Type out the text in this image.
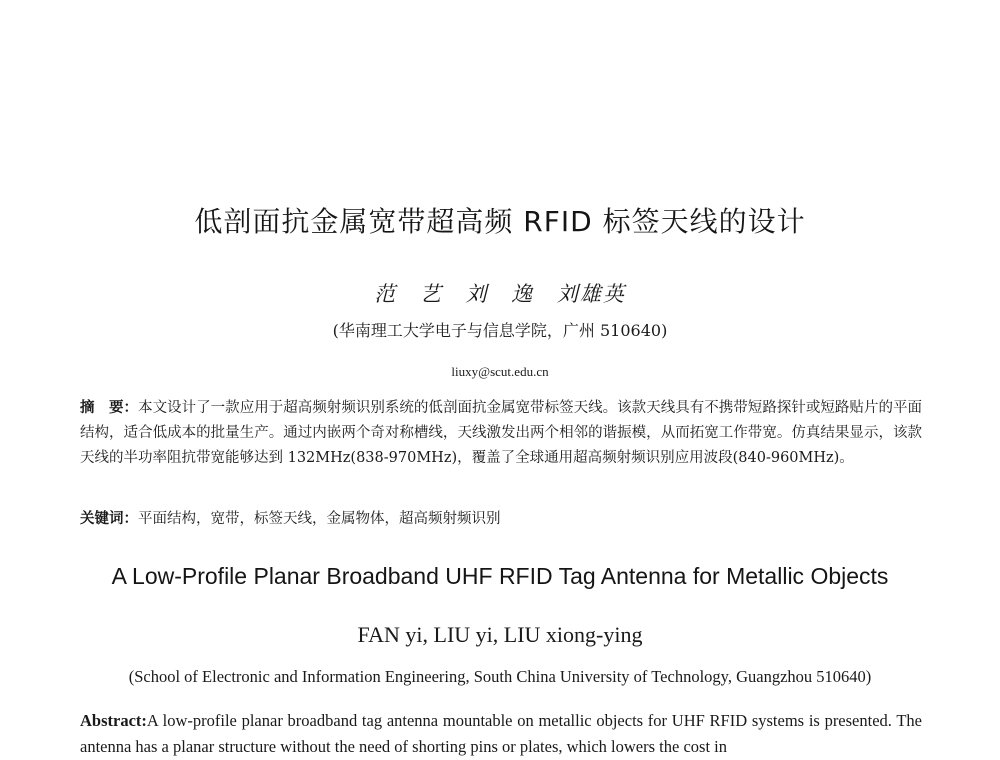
低剖面抗金属宽带超高频 RFID 标签天线的设计
范 艺 刘 逸 刘雄英
(华南理工大学电子与信息学院，广州 510640)
liuxy@scut.edu.cn
摘　要：本文设计了一款应用于超高频射频识别系统的低剖面抗金属宽带标签天线。该款天线具有不携带短路探针或短路贴片的平面结构，适合低成本的批量生产。通过内嵌两个奇对称槽线，天线激发出两个相邻的谐振模，从而拓宽工作带宽。仿真结果显示，该款天线的半功率阻抗带宽能够达到 132MHz(838-970MHz)，覆盖了全球通用超高频射频识别应用波段(840-960MHz)。
关键词：平面结构，宽带，标签天线，金属物体，超高频射频识别
A Low-Profile Planar Broadband UHF RFID Tag Antenna for Metallic Objects
FAN yi, LIU yi, LIU xiong-ying
(School of Electronic and Information Engineering, South China University of Technology, Guangzhou 510640)
Abstract:A low-profile planar broadband tag antenna mountable on metallic objects for UHF RFID systems is presented. The antenna has a planar structure without the need of shorting pins or plates, which lowers the cost in
